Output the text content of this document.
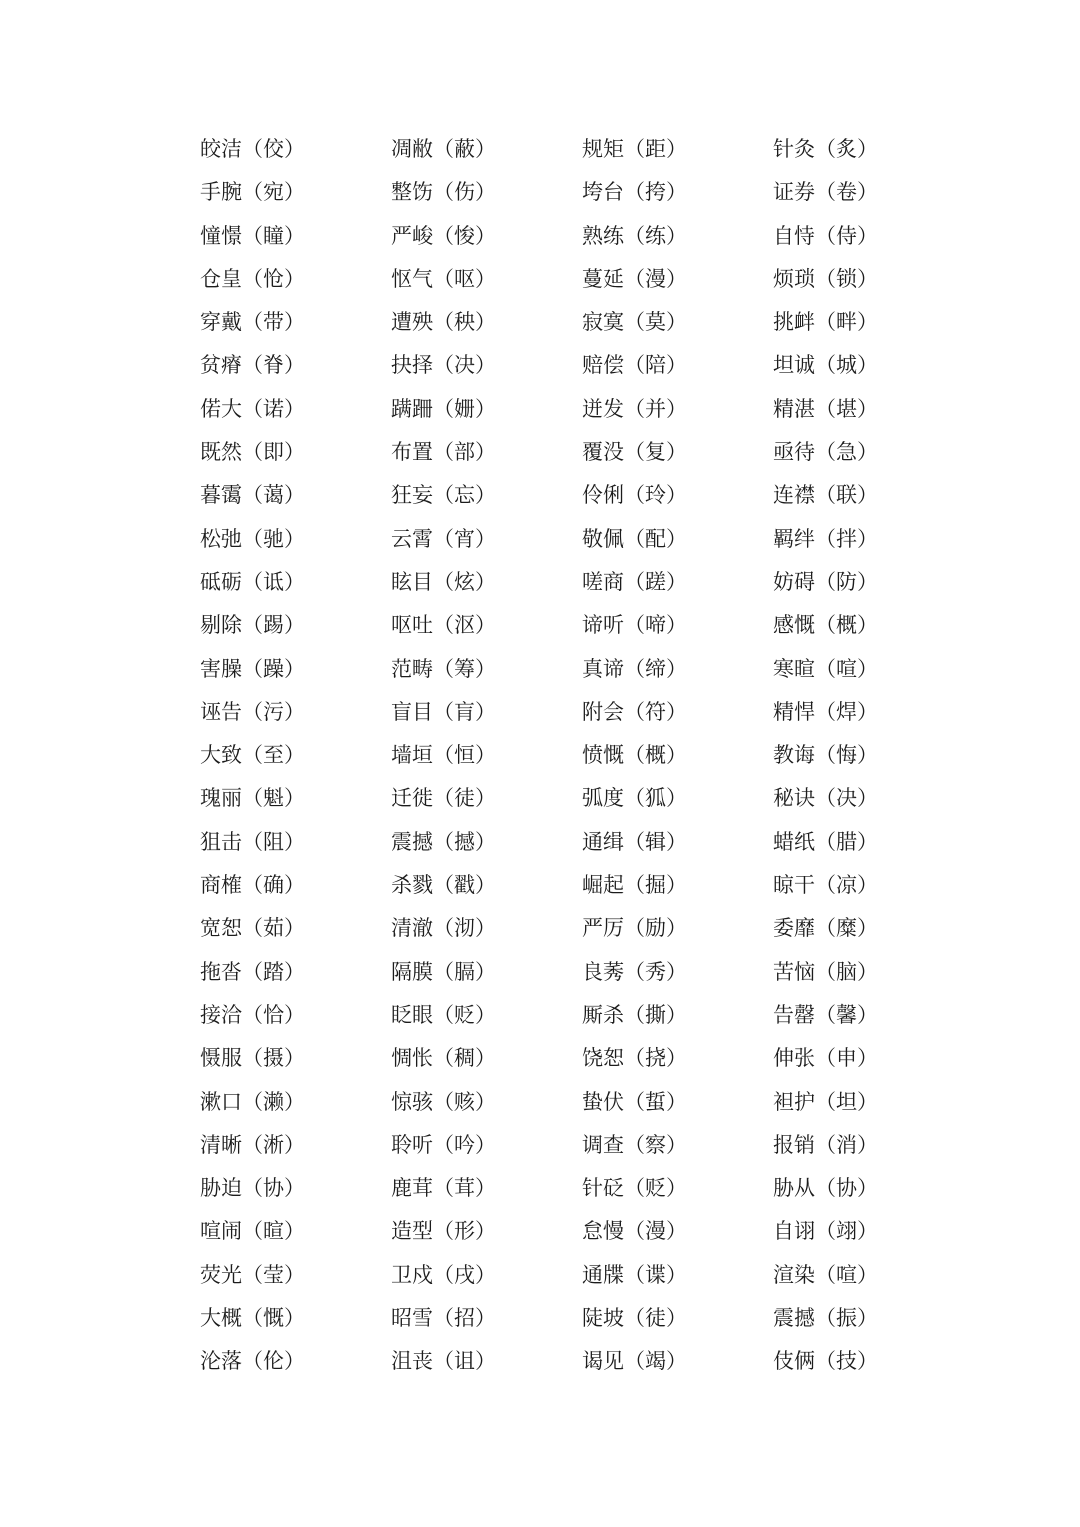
皎洁（佼）	凋敝（蔽）	规矩（距）	针灸（炙）
手腕（宛）	整饬（伤）	垮台（挎）	证券（卷）
憧憬（瞳）	严峻（悛）	熟练（练）	自恃（侍）
仓皇（怆）	怄气（呕）	蔓延（漫）	烦琐（锁）
穿戴（带）	遭殃（秧）	寂寞（莫）	挑衅（畔）
贫瘠（脊）	抉择（决）	赔偿（陪）	坦诚（城）
偌大（诺）	蹒跚（姗）	迸发（并）	精湛（堪）
既然（即）	布置（部）	覆没（复）	亟待（急）
暮霭（蔼）	狂妄（忘）	伶俐（玲）	连襟（联）
松弛（驰）	云霄（宵）	敬佩（配）	羁绊（拌）
砥砺（诋）	眩目（炫）	嗟商（蹉）	妨碍（防）
剔除（踢）	呕吐（沤）	谛听（啼）	感慨（概）
害臊（躁）	范畴（筹）	真谛（缔）	寒暄（喧）
诬告（污）	盲目（肓）	附会（符）	精悍（焊）
大致（至）	墙垣（恒）	愤慨（概）	教诲（悔）
瑰丽（魁）	迁徙（徒）	弧度（狐）	秘诀（决）
狙击（阻）	震撼（撼）	通缉（辑）	蜡纸（腊）
商榷（确）	杀戮（戳）	崛起（掘）	晾干（凉）
宽恕（茹）	清澈（沏）	严厉（励）	委靡（糜）
拖沓（踏）	隔膜（膈）	良莠（秀）	苦恼（脑）
接洽（恰）	眨眼（贬）	厮杀（撕）	告罄（馨）
慑服（摄）	惆怅（稠）	饶恕（挠）	伸张（申）
漱口（濑）	惊骇（赅）	蛰伏（蜇）	袒护（坦）
清晰（淅）	聆听（吟）	调查（察）	报销（消）
胁迫（协）	鹿茸（茸）	针砭（贬）	胁从（协）
喧闹（暄）	造型（形）	怠慢（漫）	自诩（翊）
荧光（莹）	卫戍（戌）	通牒（谍）	渲染（喧）
大概（慨）	昭雪（招）	陡坡（徒）	震撼（振）
沦落（伦）	沮丧（诅）	谒见（竭）	伎俩（技）
